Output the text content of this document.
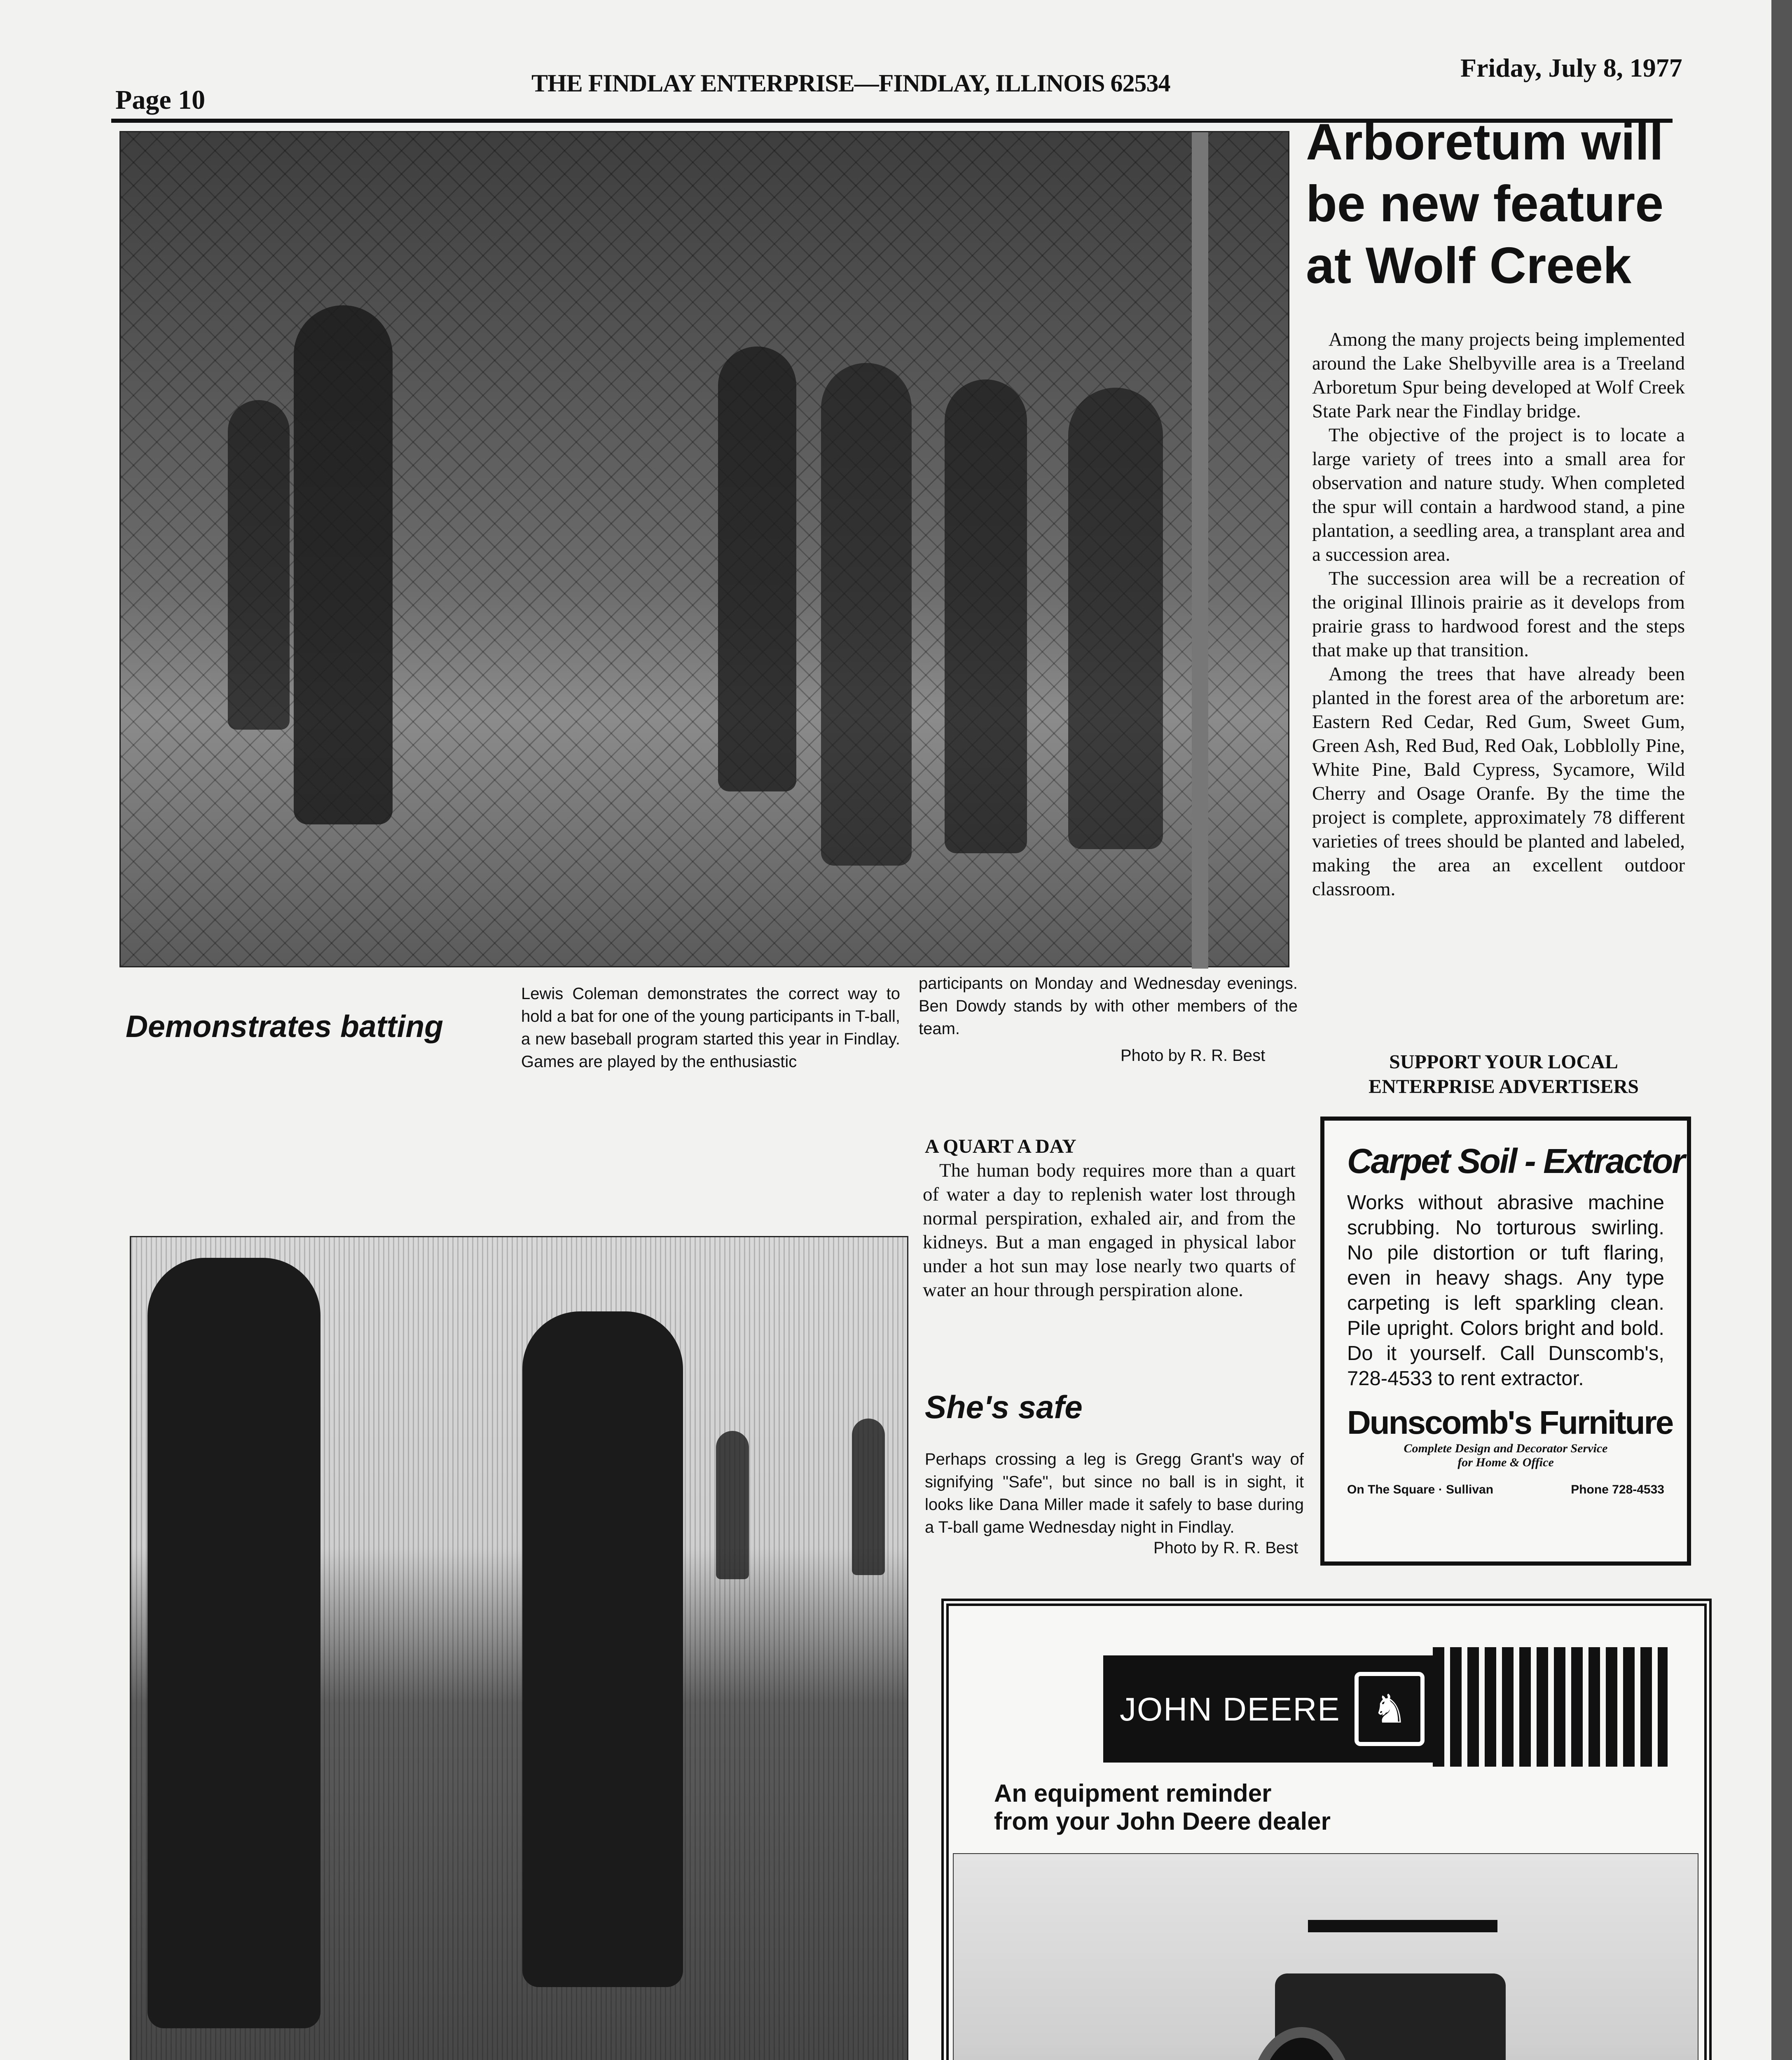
Page 10
THE FINDLAY ENTERPRISE—FINDLAY, ILLINOIS 62534
Friday, July 8, 1977
Demonstrates batting
Lewis Coleman demonstrates the correct way to hold a bat for one of the young participants in T-ball, a new baseball program started this year in Findlay. Games are played by the enthusiastic
participants on Monday and Wednesday evenings. Ben Dowdy stands by with other members of the team.
Photo by R. R. Best
Arboretum will be new feature at Wolf Creek

Among the many projects being implemented around the Lake Shelbyville area is a Treeland Arboretum Spur being developed at Wolf Creek State Park near the Findlay bridge.

The objective of the project is to locate a large variety of trees into a small area for observation and nature study. When completed the spur will contain a hardwood stand, a pine plantation, a seedling area, a transplant area and a succession area.

The succession area will be a recreation of the original Illinois prairie as it develops from prairie grass to hardwood forest and the steps that make up that transition.

Among the trees that have already been planted in the forest area of the arboretum are: Eastern Red Cedar, Red Gum, Sweet Gum, Green Ash, Red Bud, Red Oak, Lobblolly Pine, White Pine, Bald Cypress, Sycamore, Wild Cherry and Osage Oranfe. By the time the project is complete, approximately 78 different varieties of trees should be planted and labeled, making the area an excellent outdoor classroom.

SUPPORT YOUR LOCAL ENTERPRISE ADVERTISERS
A QUART A DAY

The human body requires more than a quart of water a day to replenish water lost through normal perspiration, exhaled air, and from the kidneys. But a man engaged in physical labor under a hot sun may lose nearly two quarts of water an hour through perspiration alone.

She's safe
Perhaps crossing a leg is Gregg Grant's way of signifying "Safe", but since no ball is in sight, it looks like Dana Miller made it safely to base during a T-ball game Wednesday night in Findlay.
Photo by R. R. Best
Carpet Soil - Extractor
Works without abrasive machine scrubbing. No torturous swirling. No pile distortion or tuft flaring, even in heavy shags. Any type carpeting is left sparkling clean. Pile upright. Colors bright and bold. Do it yourself. Call Dunscomb's, 728-4533 to rent extractor.
Dunscomb's Furniture
Complete Design and Decorator Service
for Home & Office
On The Square · Sullivan	Phone 728-4533
JOHN DEERE ♞
An equipment reminder
from your John Deere dealer
